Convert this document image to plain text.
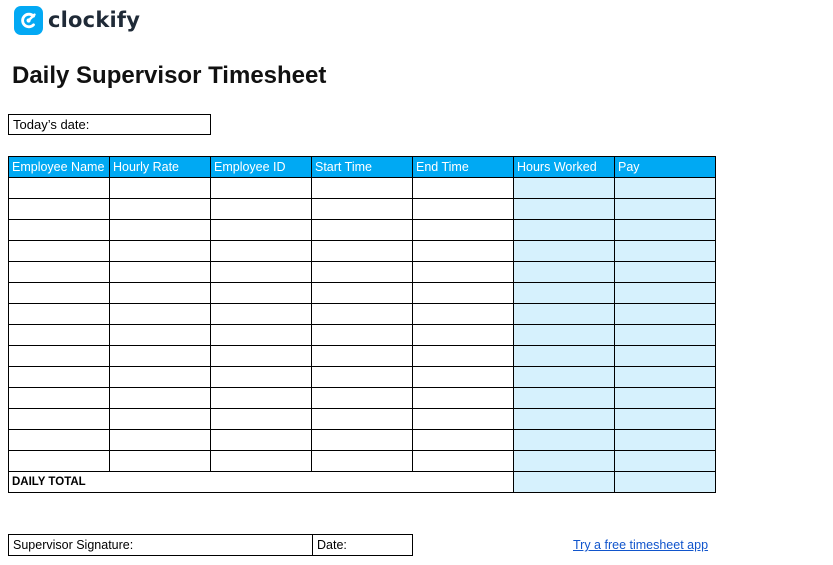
clockify
Daily Supervisor Timesheet
Today’s date:
Employee Name	Hourly Rate	Employee ID	Start Time	End Time	Hours Worked	Pay

DAILY TOTAL						
Supervisor Signature:	Date:	Try a free timesheet app
